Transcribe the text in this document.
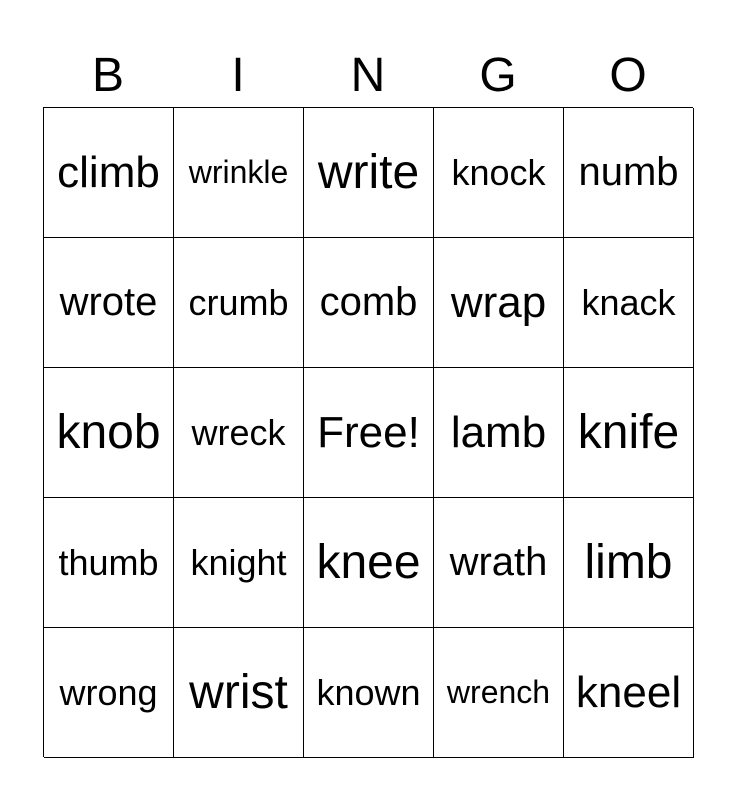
B	I	N	G	O
climb wrinkle write knock numb
wrote crumb comb wrap knack
knob wreck Free! lamb knife
thumb knight knee wrath limb
wrong wrist known wrench kneel
